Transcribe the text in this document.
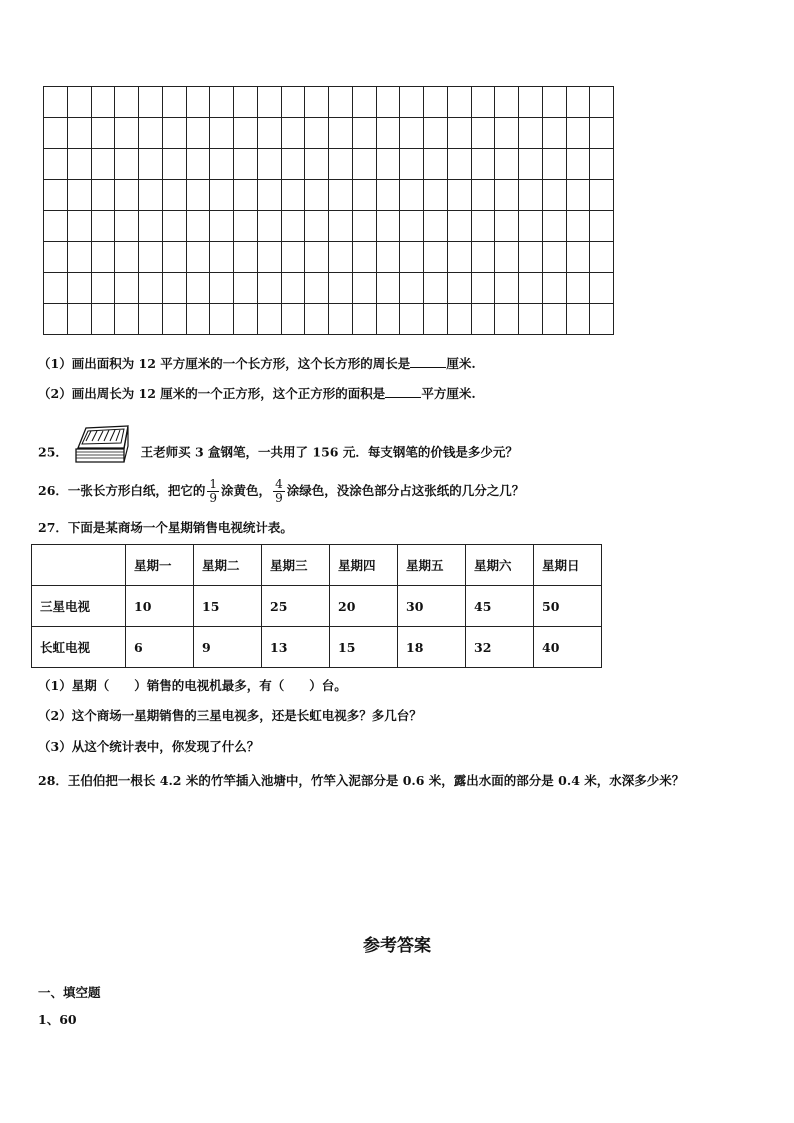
（1）画出面积为 12 平方厘米的一个长方形，这个长方形的周长是	厘米.
（2）画出周长为 12 厘米的一个正方形，这个正方形的面积是	平方厘米.
25．	王老师买 3 盒钢笔，一共用了 156 元．每支钢笔的价钱是多少元？
26．一张长方形白纸，把它的 $\frac{1}{9}$ 涂黄色， $\frac{4}{9}$ 涂绿色，没涂色部分占这张纸的几分之几？
27．下面是某商场一个星期销售电视统计表。
	星期一	星期二	星期三	星期四	星期五	星期六	星期日
三星电视	10	15	25	20	30	45	50
长虹电视	6	9	13	15	18	32	40
（1）星期（　　）销售的电视机最多，有（　　）台。
（2）这个商场一星期销售的三星电视多，还是长虹电视多？多几台？
（3）从这个统计表中，你发现了什么？
28．王伯伯把一根长 4.2 米的竹竿插入池塘中，竹竿入泥部分是 0.6 米，露出水面的部分是 0.4 米，水深多少米？
参考答案
一、填空题
1、60
